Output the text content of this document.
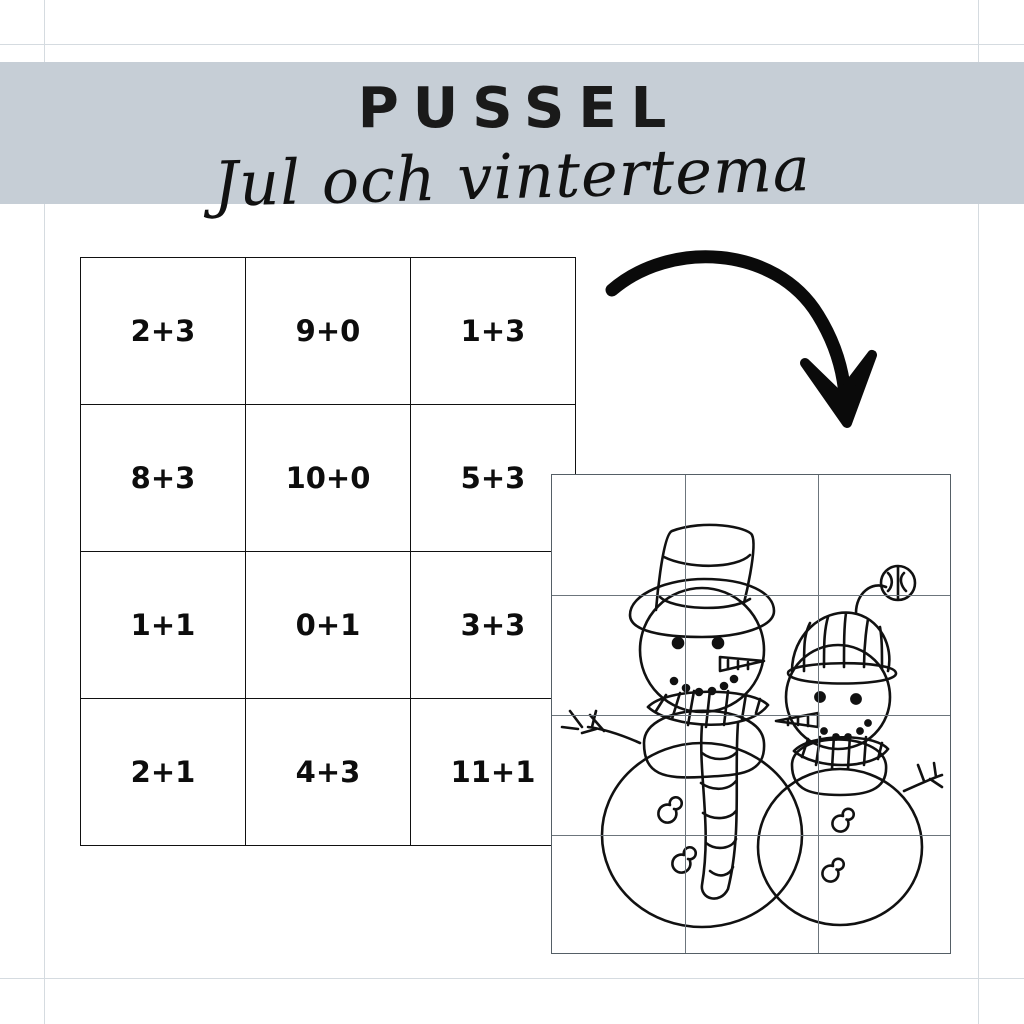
PUSSEL
Jul och vintertema
2+3	9+0	1+3
8+3	10+0	5+3
1+1	0+1	3+3
2+1	4+3	11+1
